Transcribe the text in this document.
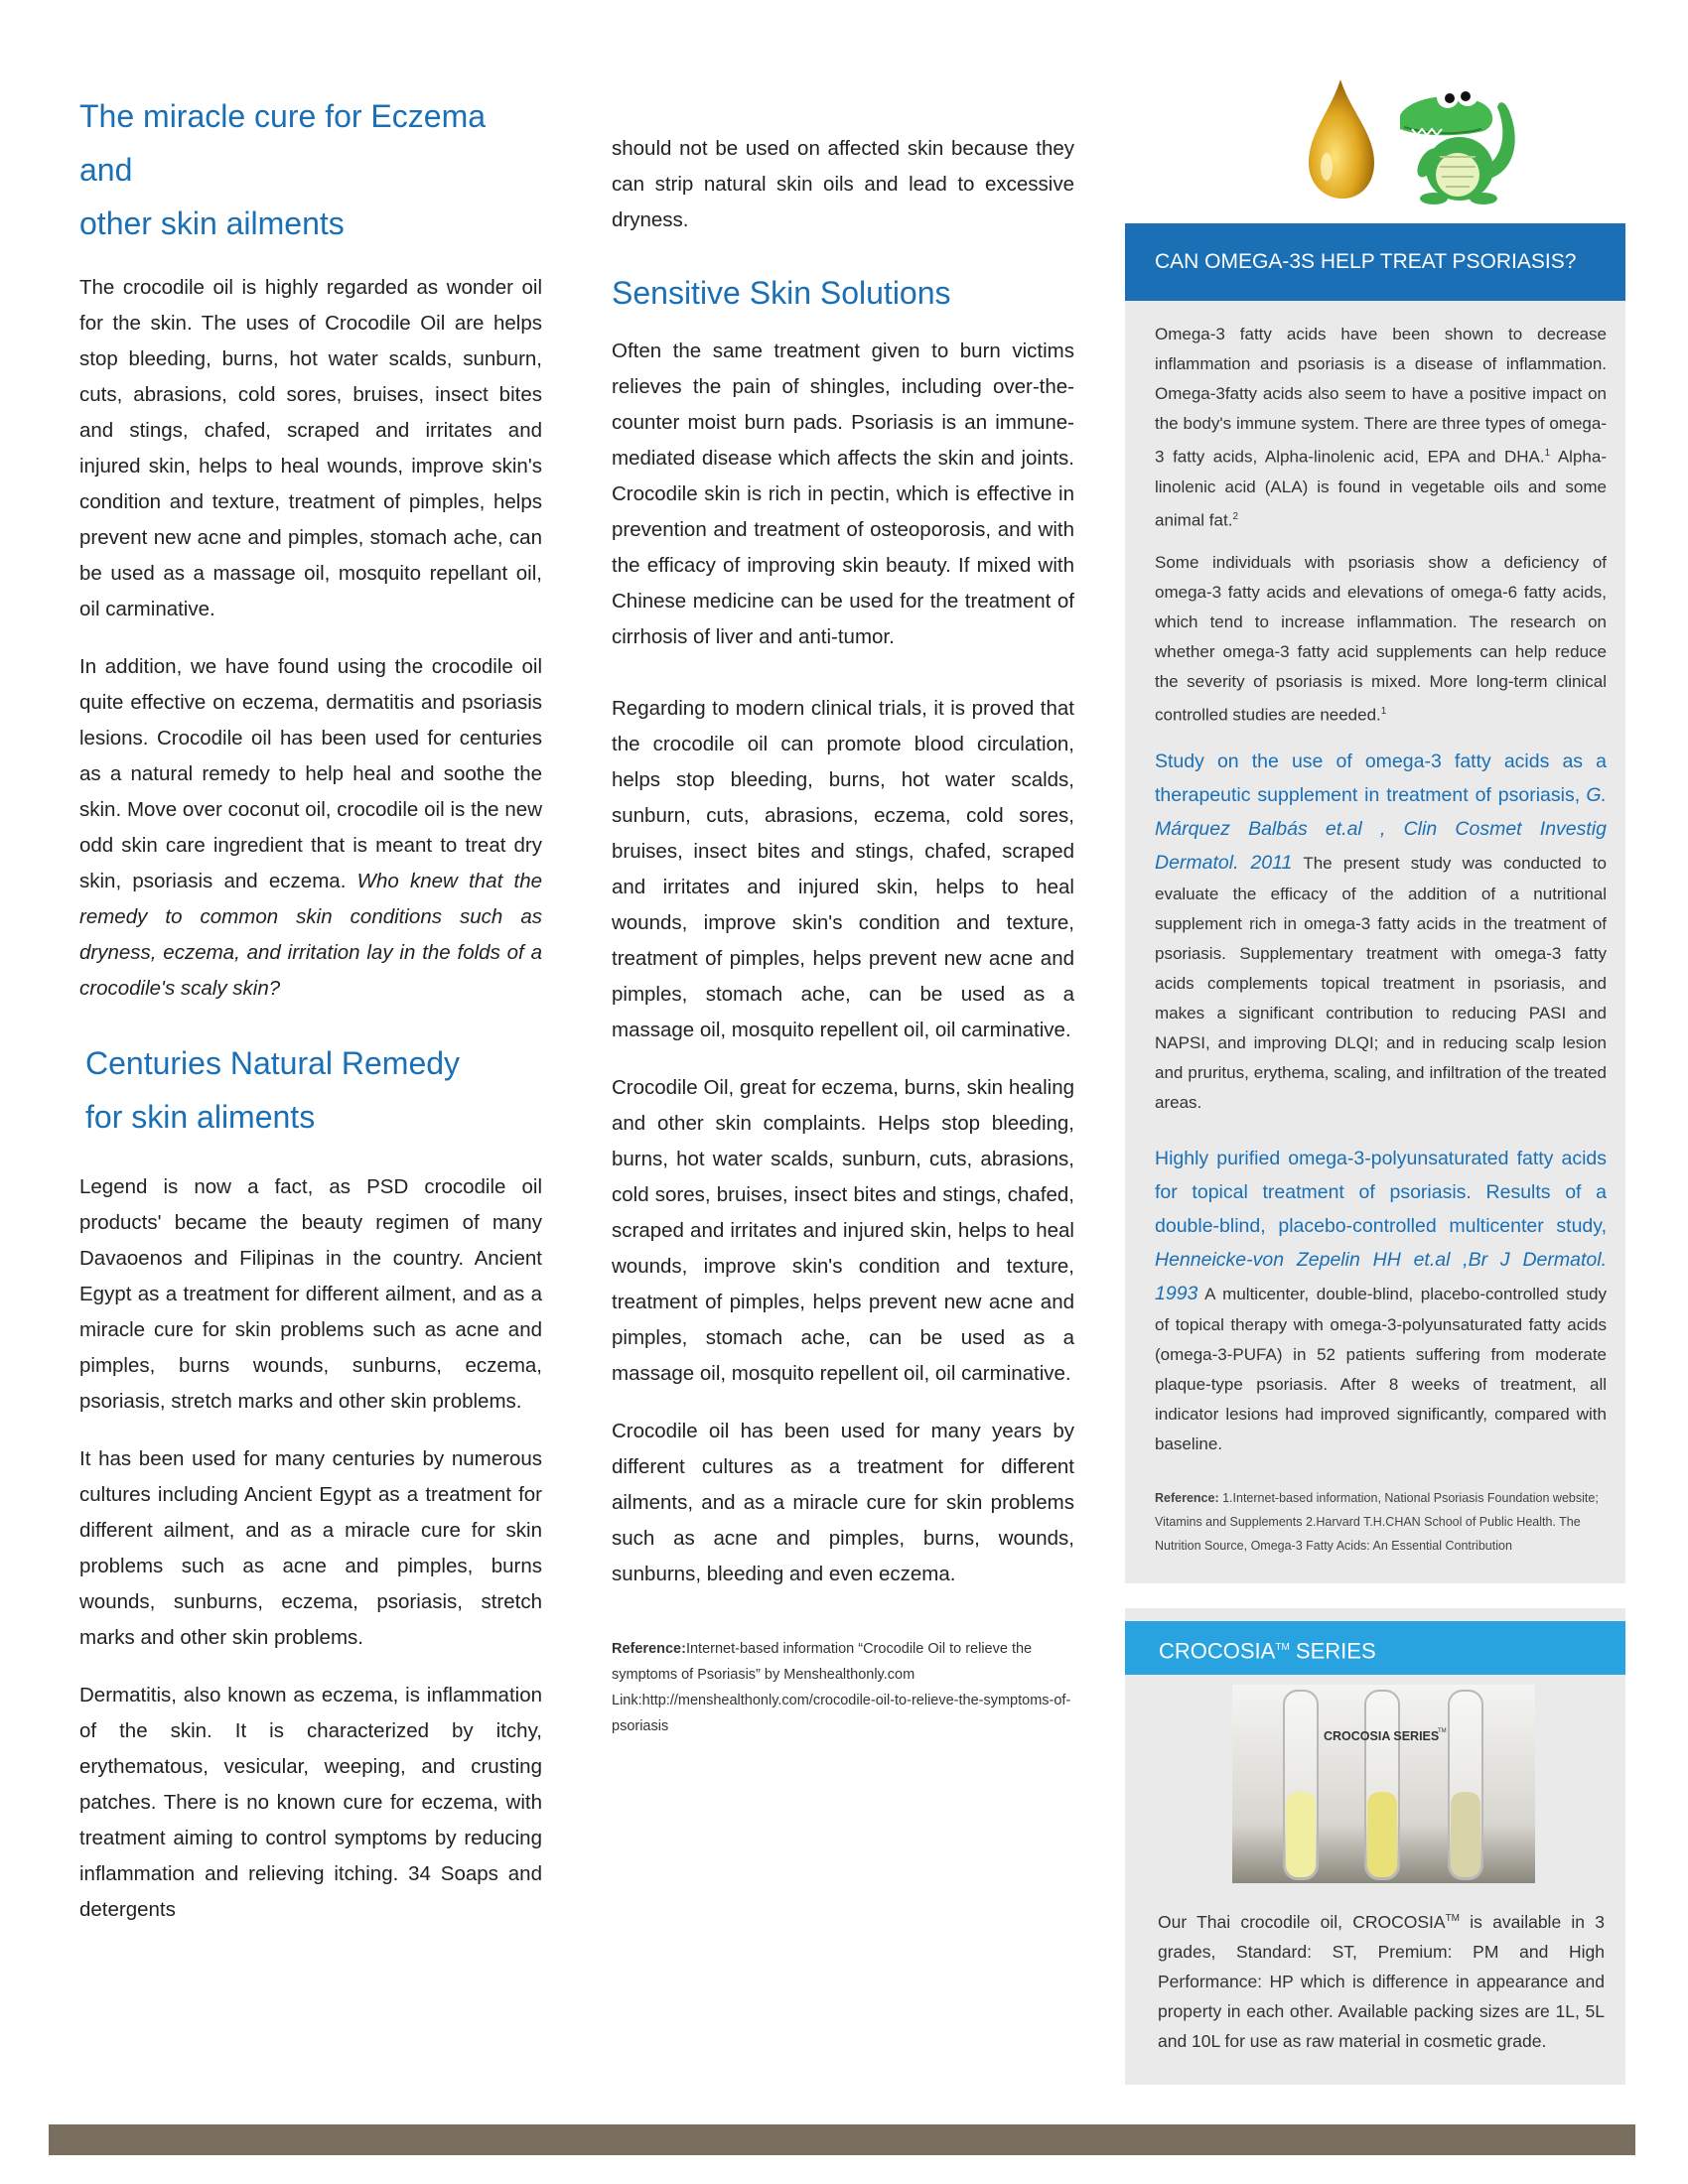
The miracle cure for Eczema and
other skin ailments

The crocodile oil is highly regarded as wonder oil for the skin. The uses of Crocodile Oil are helps stop bleeding, burns, hot water scalds, sunburn, cuts, abrasions, cold sores, bruises, insect bites and stings, chafed, scraped and irritates and injured skin, helps to heal wounds, improve skin's condition and texture, treatment of pimples, helps prevent new acne and pimples, stomach ache, can be used as a massage oil, mosquito repellant oil, oil carminative.

In addition, we have found using the crocodile oil quite effective on eczema, dermatitis and psoriasis lesions. Crocodile oil has been used for centuries as a natural remedy to help heal and soothe the skin. Move over coconut oil, crocodile oil is the new odd skin care ingredient that is meant to treat dry skin, psoriasis and eczema. Who knew that the remedy to common skin conditions such as dryness, eczema, and irritation lay in the folds of a crocodile's scaly skin?

Centuries Natural Remedy
for skin aliments

Legend is now a fact, as PSD crocodile oil products' became the beauty regimen of many Davaoenos and Filipinas in the country. Ancient Egypt as a treatment for different ailment, and as a miracle cure for skin problems such as acne and pimples, burns wounds, sunburns, eczema, psoriasis, stretch marks and other skin problems.

It has been used for many centuries by numerous cultures including Ancient Egypt as a treatment for different ailment, and as a miracle cure for skin problems such as acne and pimples, burns wounds, sunburns, eczema, psoriasis, stretch marks and other skin problems.

Dermatitis, also known as eczema, is inflammation of the skin. It is characterized by itchy, erythematous, vesicular, weeping, and crusting patches. There is no known cure for eczema, with treatment aiming to control symptoms by reducing inflammation and relieving itching. 34 Soaps and detergents

should not be used on affected skin because they can strip natural skin oils and lead to excessive dryness.

Sensitive Skin Solutions

Often the same treatment given to burn victims relieves the pain of shingles, including over-the-counter moist burn pads. Psoriasis is an immune-mediated disease which affects the skin and joints. Crocodile skin is rich in pectin, which is effective in prevention and treatment of osteoporosis, and with the efficacy of improving skin beauty. If mixed with Chinese medicine can be used for the treatment of cirrhosis of liver and anti-tumor.

Regarding to modern clinical trials, it is proved that the crocodile oil can promote blood circulation, helps stop bleeding, burns, hot water scalds, sunburn, cuts, abrasions, eczema, cold sores, bruises, insect bites and stings, chafed, scraped and irritates and injured skin, helps to heal wounds, improve skin's condition and texture, treatment of pimples, helps prevent new acne and pimples, stomach ache, can be used as a massage oil, mosquito repellent oil, oil carminative.

Crocodile Oil, great for eczema, burns, skin healing and other skin complaints. Helps stop bleeding, burns, hot water scalds, sunburn, cuts, abrasions, cold sores, bruises, insect bites and stings, chafed, scraped and irritates and injured skin, helps to heal wounds, improve skin's condition and texture, treatment of pimples, helps prevent new acne and pimples, stomach ache, can be used as a massage oil, mosquito repellent oil, oil carminative.

Crocodile oil has been used for many years by different cultures as a treatment for different ailments, and as a miracle cure for skin problems such as acne and pimples, burns, wounds, sunburns, bleeding and even eczema.

Reference:Internet-based information “Crocodile Oil to relieve the symptoms of Psoriasis” by Menshealthonly.com
Link:http://menshealthonly.com/crocodile-oil-to-relieve-the-symptoms-of-psoriasis

CAN OMEGA-3S HELP TREAT PSORIASIS?

Omega-3 fatty acids have been shown to decrease inflammation and psoriasis is a disease of inflammation. Omega-3fatty acids also seem to have a positive impact on the body's immune system. There are three types of omega-3 fatty acids, Alpha-linolenic acid, EPA and DHA.$^1$ Alpha-linolenic acid (ALA) is found in vegetable oils and some animal fat.$^2$

Some individuals with psoriasis show a deficiency of omega-3 fatty acids and elevations of omega-6 fatty acids, which tend to increase inflammation. The research on whether omega-3 fatty acid supplements can help reduce the severity of psoriasis is mixed. More long-term clinical controlled studies are needed.$^1$

Study on the use of omega-3 fatty acids as a therapeutic supplement in treatment of psoriasis, G. Márquez Balbás et.al , Clin Cosmet Investig Dermatol. 2011 The present study was conducted to evaluate the efficacy of the addition of a nutritional supplement rich in omega-3 fatty acids in the treatment of psoriasis. Supplementary treatment with omega-3 fatty acids complements topical treatment in psoriasis, and makes a significant contribution to reducing PASI and NAPSI, and improving DLQI; and in reducing scalp lesion and pruritus, erythema, scaling, and infiltration of the treated areas.

Highly purified omega-3-polyunsaturated fatty acids for topical treatment of psoriasis. Results of a double-blind, placebo-controlled multicenter study, Henneicke-von Zepelin HH et.al ,Br J Dermatol. 1993 A multicenter, double-blind, placebo-controlled study of topical therapy with omega-3-polyunsaturated fatty acids (omega-3-PUFA) in 52 patients suffering from moderate plaque-type psoriasis. After 8 weeks of treatment, all indicator lesions had improved significantly, compared with baseline.

Reference: 1.Internet-based information, National Psoriasis Foundation website; Vitamins and Supplements 2.Harvard T.H.CHAN School of Public Health. The Nutrition Source, Omega-3 Fatty Acids: An Essential Contribution

CROCOSIA™ SERIES
CROCOSIA SERIES
TM

Our Thai crocodile oil, CROCOSIA™ is available in 3 grades, Standard: ST, Premium: PM and High Performance: HP which is difference in appearance and property in each other. Available packing sizes are 1L, 5L and 10L for use as raw material in cosmetic grade.
